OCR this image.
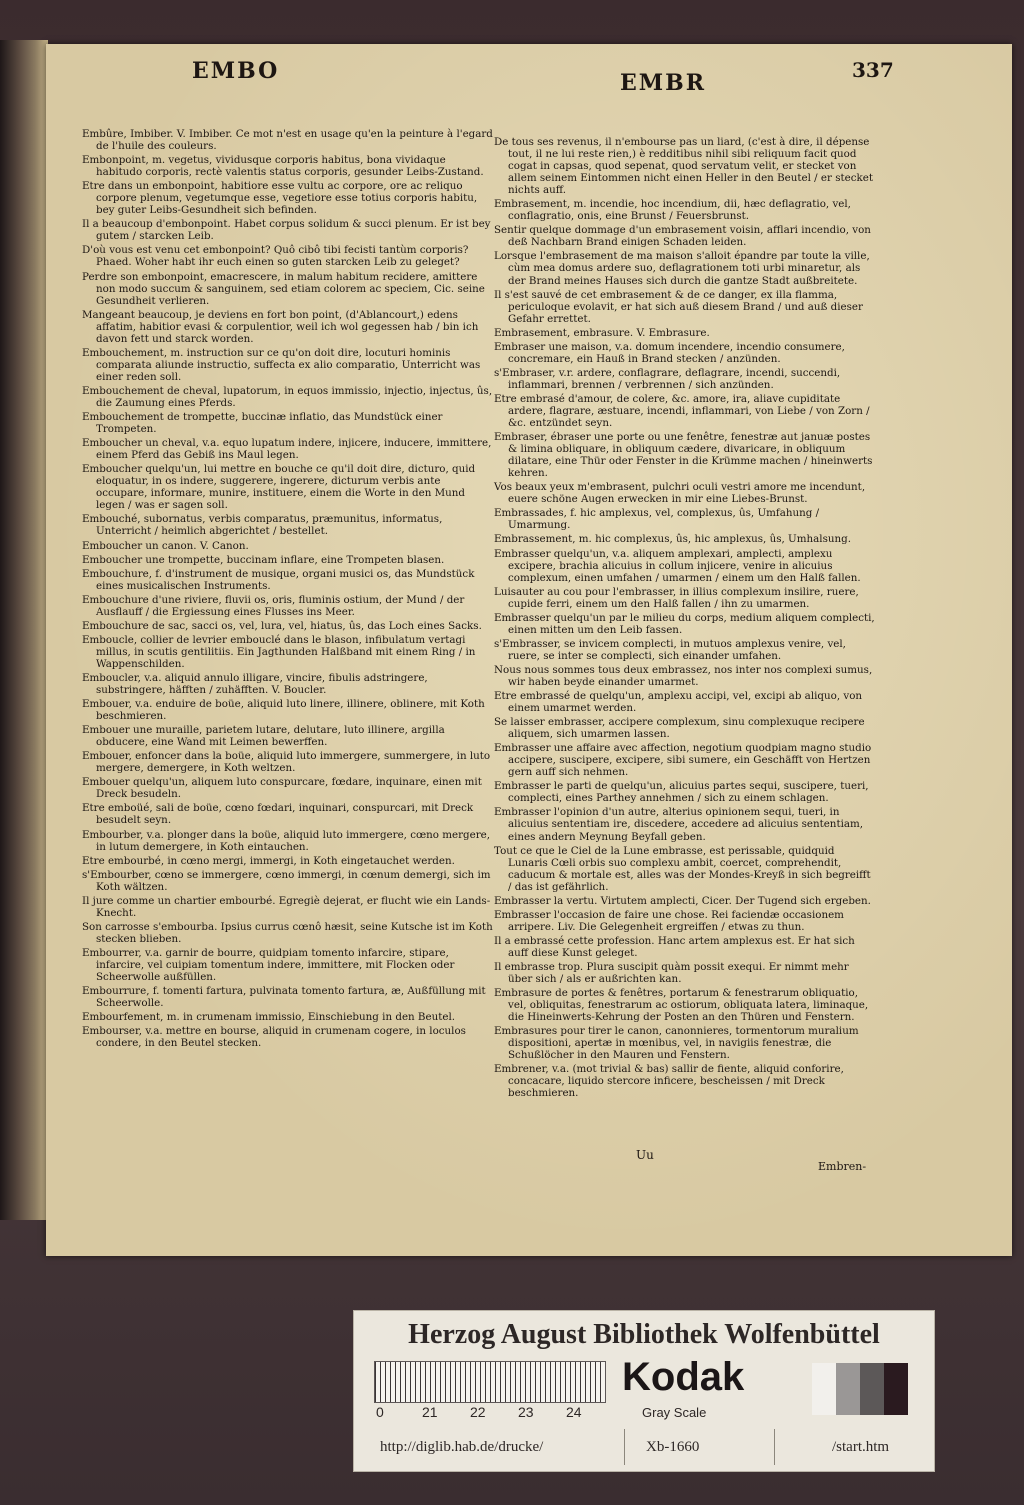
EMBO	EMBR	337

Embûre, Imbiber. V. Imbiber. Ce mot n'est en usage qu'en la peinture à l'egard de l'huile des couleurs.

Embonpoint, m. vegetus, vividusque corporis habitus, bona vividaque habitudo corporis, rectè valentis status corporis, gesunder Leibs-Zustand.

Etre dans un embonpoint, habitiore esse vultu ac corpore, ore ac reliquo corpore plenum, vegetumque esse, vegetiore esse totius corporis habitu, bey guter Leibs-Gesundheit sich befinden.

Il a beaucoup d'embonpoint. Habet corpus solidum & succi plenum. Er ist bey gutem / starcken Leib.

D'où vous est venu cet embonpoint? Quô cibô tibi fecisti tantùm corporis? Phaed. Woher habt ihr euch einen so guten starcken Leib zu geleget?

Perdre son embonpoint, emacrescere, in malum habitum recidere, amittere non modo succum & sanguinem, sed etiam colorem ac speciem, Cic. seine Gesundheit verlieren.

Mangeant beaucoup, je deviens en fort bon point, (d'Ablancourt,) edens affatim, habitior evasi & corpulentior, weil ich wol gegessen hab / bin ich davon fett und starck worden.

Embouchement, m. instruction sur ce qu'on doit dire, locuturi hominis comparata aliunde instructio, suffecta ex alio comparatio, Unterricht was einer reden soll.

Embouchement de cheval, lupatorum, in equos immissio, injectio, injectus, ûs, die Zaumung eines Pferds.

Embouchement de trompette, buccinæ inflatio, das Mundstück einer Trompeten.

Emboucher un cheval, v.a. equo lupatum indere, injicere, inducere, immittere, einem Pferd das Gebiß ins Maul legen.

Emboucher quelqu'un, lui mettre en bouche ce qu'il doit dire, dicturo, quid eloquatur, in os indere, suggerere, ingerere, dicturum verbis ante occupare, informare, munire, instituere, einem die Worte in den Mund legen / was er sagen soll.

Embouché, subornatus, verbis comparatus, præmunitus, informatus, Unterricht / heimlich abgerichtet / bestellet.

Emboucher un canon. V. Canon.

Emboucher une trompette, buccinam inflare, eine Trompeten blasen.

Embouchure, f. d'instrument de musique, organi musici os, das Mundstück eines musicalischen Instruments.

Embouchure d'une riviere, fluvii os, oris, fluminis ostium, der Mund / der Ausflauff / die Ergiessung eines Flusses ins Meer.

Embouchure de sac, sacci os, vel, lura, vel, hiatus, ûs, das Loch eines Sacks.

Emboucle, collier de levrier embouclé dans le blason, infibulatum vertagi millus, in scutis gentilitiis. Ein Jagthunden Halßband mit einem Ring / in Wappenschilden.

Emboucler, v.a. aliquid annulo illigare, vincire, fibulis adstringere, substringere, häfften / zuhäfften. V. Boucler.

Embouer, v.a. enduire de boüe, aliquid luto linere, illinere, oblinere, mit Koth beschmieren.

Embouer une muraille, parietem lutare, delutare, luto illinere, argilla obducere, eine Wand mit Leimen bewerffen.

Embouer, enfoncer dans la boüe, aliquid luto immergere, summergere, in luto mergere, demergere, in Koth weltzen.

Embouer quelqu'un, aliquem luto conspurcare, fœdare, inquinare, einen mit Dreck besudeln.

Etre emboüé, sali de boüe, cœno fœdari, inquinari, conspurcari, mit Dreck besudelt seyn.

Embourber, v.a. plonger dans la boüe, aliquid luto immergere, cœno mergere, in lutum demergere, in Koth eintauchen.

Etre embourbé, in cœno mergi, immergi, in Koth eingetauchet werden.

s'Embourber, cœno se immergere, cœno immergi, in cœnum demergi, sich im Koth wältzen.

Il jure comme un chartier embourbé. Egregiè dejerat, er flucht wie ein Lands-Knecht.

Son carrosse s'embourba. Ipsius currus cœnô hæsit, seine Kutsche ist im Koth stecken blieben.

Embourrer, v.a. garnir de bourre, quidpiam tomento infarcire, stipare, infarcire, vel cuipiam tomentum indere, immittere, mit Flocken oder Scheerwolle außfüllen.

Embourrure, f. tomenti fartura, pulvinata tomento fartura, æ, Außfüllung mit Scheerwolle.

Embourfement, m. in crumenam immissio, Einschiebung in den Beutel.

Embourser, v.a. mettre en bourse, aliquid in crumenam cogere, in loculos condere, in den Beutel stecken.

De tous ses revenus, il n'embourse pas un liard, (c'est à dire, il dépense tout, il ne lui reste rien,) è redditibus nihil sibi reliquum facit quod cogat in capsas, quod sepenat, quod servatum velit, er stecket von allem seinem Eintommen nicht einen Heller in den Beutel / er stecket nichts auff.

Embrasement, m. incendie, hoc incendium, dii, hæc deflagratio, vel, conflagratio, onis, eine Brunst / Feuersbrunst.

Sentir quelque dommage d'un embrasement voisin, afflari incendio, von deß Nachbarn Brand einigen Schaden leiden.

Lorsque l'embrasement de ma maison s'alloit épandre par toute la ville, cùm mea domus ardere suo, deflagrationem toti urbi minaretur, als der Brand meines Hauses sich durch die gantze Stadt außbreitete.

Il s'est sauvé de cet embrasement & de ce danger, ex illa flamma, periculoque evolavit, er hat sich auß diesem Brand / und auß dieser Gefahr errettet.

Embrasement, embrasure. V. Embrasure.

Embraser une maison, v.a. domum incendere, incendio consumere, concremare, ein Hauß in Brand stecken / anzünden.

s'Embraser, v.r. ardere, conflagrare, deflagrare, incendi, succendi, inflammari, brennen / verbrennen / sich anzünden.

Etre embrasé d'amour, de colere, &c. amore, ira, aliave cupiditate ardere, flagrare, æstuare, incendi, inflammari, von Liebe / von Zorn / &c. entzündet seyn.

Embraser, ébraser une porte ou une fenêtre, fenestræ aut januæ postes & limina obliquare, in obliquum cædere, divaricare, in obliquum dilatare, eine Thür oder Fenster in die Krümme machen / hineinwerts kehren.

Vos beaux yeux m'embrasent, pulchri oculi vestri amore me incendunt, euere schöne Augen erwecken in mir eine Liebes-Brunst.

Embrassades, f. hic amplexus, vel, complexus, ûs, Umfahung / Umarmung.

Embrassement, m. hic complexus, ûs, hic amplexus, ûs, Umhalsung.

Embrasser quelqu'un, v.a. aliquem amplexari, amplecti, amplexu excipere, brachia alicuius in collum injicere, venire in alicuius complexum, einen umfahen / umarmen / einem um den Halß fallen.

Luisauter au cou pour l'embrasser, in illius complexum insilire, ruere, cupide ferri, einem um den Halß fallen / ihn zu umarmen.

Embrasser quelqu'un par le milieu du corps, medium aliquem complecti, einen mitten um den Leib fassen.

s'Embrasser, se invicem complecti, in mutuos amplexus venire, vel, ruere, se inter se complecti, sich einander umfahen.

Nous nous sommes tous deux embrassez, nos inter nos complexi sumus, wir haben beyde einander umarmet.

Etre embrassé de quelqu'un, amplexu accipi, vel, excipi ab aliquo, von einem umarmet werden.

Se laisser embrasser, accipere complexum, sinu complexuque recipere aliquem, sich umarmen lassen.

Embrasser une affaire avec affection, negotium quodpiam magno studio accipere, suscipere, excipere, sibi sumere, ein Geschäfft von Hertzen gern auff sich nehmen.

Embrasser le parti de quelqu'un, alicuius partes sequi, suscipere, tueri, complecti, eines Parthey annehmen / sich zu einem schlagen.

Embrasser l'opinion d'un autre, alterius opinionem sequi, tueri, in alicuius sententiam ire, discedere, accedere ad alicuius sententiam, eines andern Meynung Beyfall geben.

Tout ce que le Ciel de la Lune embrasse, est perissable, quidquid Lunaris Cœli orbis suo complexu ambit, coercet, comprehendit, caducum & mortale est, alles was der Mondes-Kreyß in sich begreifft / das ist gefährlich.

Embrasser la vertu. Virtutem amplecti, Cicer. Der Tugend sich ergeben.

Embrasser l'occasion de faire une chose. Rei faciendæ occasionem arripere. Liv. Die Gelegenheit ergreiffen / etwas zu thun.

Il a embrassé cette profession. Hanc artem amplexus est. Er hat sich auff diese Kunst geleget.

Il embrasse trop. Plura suscipit quàm possit exequi. Er nimmt mehr über sich / als er außrichten kan.

Embrasure de portes & fenêtres, portarum & fenestrarum obliquatio, vel, obliquitas, fenestrarum ac ostiorum, obliquata latera, liminaque, die Hineinwerts-Kehrung der Posten an den Thüren und Fenstern.

Embrasures pour tirer le canon, canonnieres, tormentorum muralium dispositioni, apertæ in mœnibus, vel, in navigiis fenestræ, die Schußlöcher in den Mauren und Fenstern.

Embrener, v.a. (mot trivial & bas) sallir de fiente, aliquid conforire, concacare, liquido stercore inficere, bescheissen / mit Dreck beschmieren.

Uu
Embren-
Herzog August Bibliothek Wolfenbüttel
0	21 22 23 24
Kodak
Gray Scale
http://diglib.hab.de/drucke/	Xb-1660	/start.htm
